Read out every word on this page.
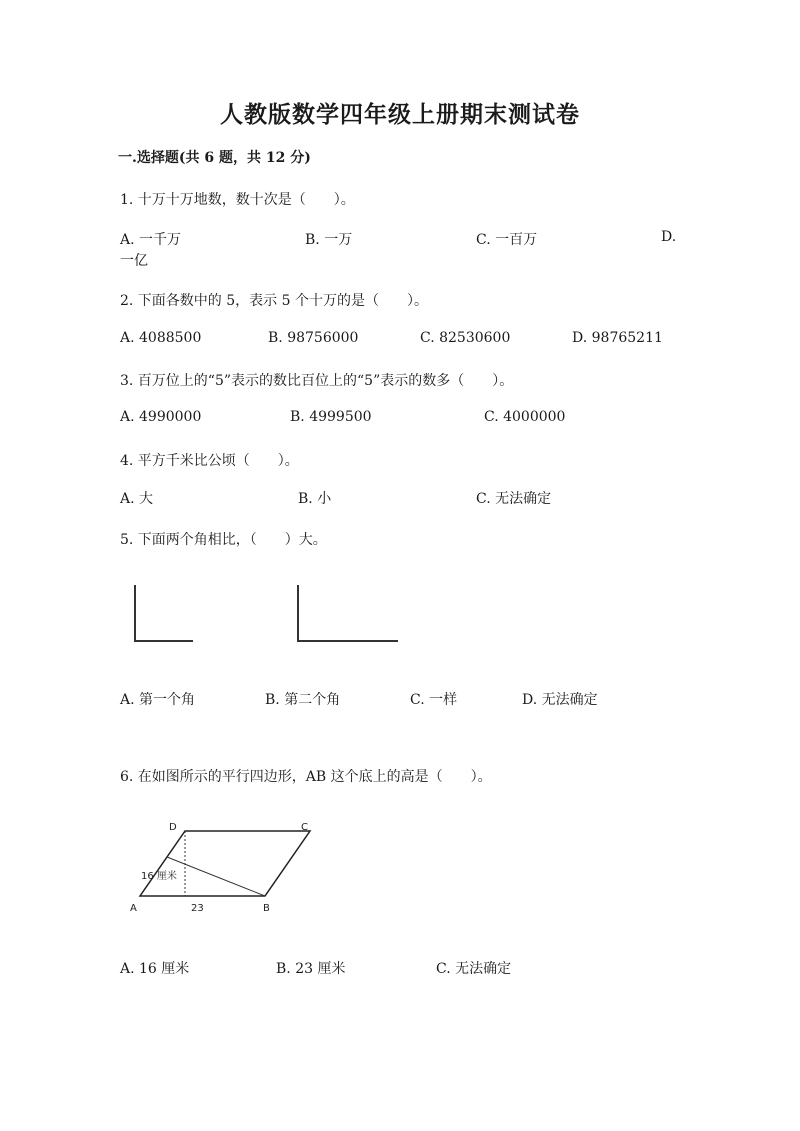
人教版数学四年级上册期末测试卷
一.选择题(共 6 题，共 12 分)
1. 十万十万地数，数十次是（　　）。
A. 一千万	B. 一万	C. 一百万	D.
一亿
2. 下面各数中的 5，表示 5 个十万的是（　　）。
A. 4088500	B. 98756000	C. 82530600	D. 98765211
3. 百万位上的“5”表示的数比百位上的“5”表示的数多（　　）。
A. 4990000	B. 4999500	C. 4000000
4. 平方千米比公顷（　　）。
A. 大	B. 小	C. 无法确定
5. 下面两个角相比，（　　）大。
A. 第一个角	B. 第二个角	C. 一样	D. 无法确定
6. 在如图所示的平行四边形，AB 这个底上的高是（　　）。
D	C
A	B
16 厘米
23
A. 16 厘米	B. 23 厘米	C. 无法确定
